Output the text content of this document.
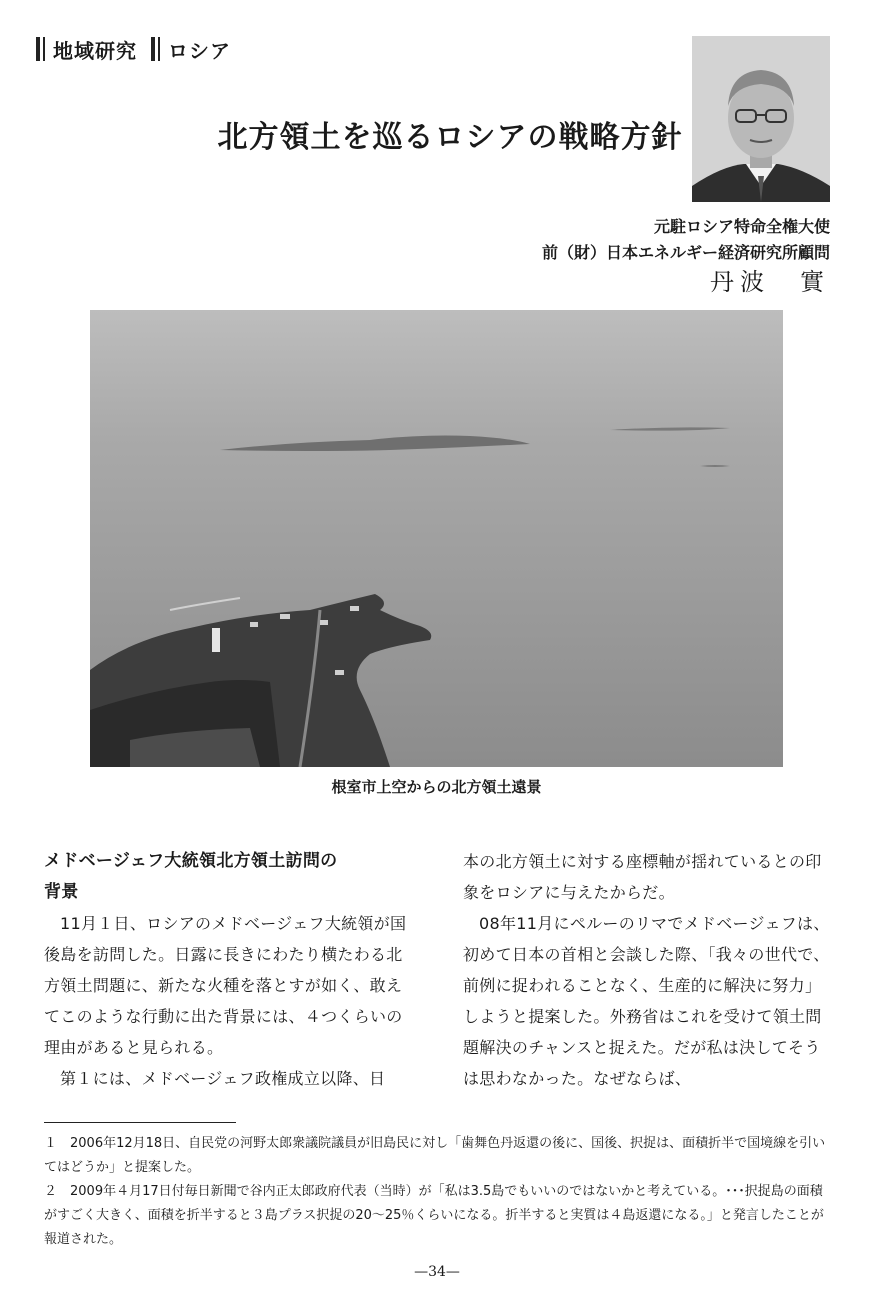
地域研究 ロシア
北方領土を巡るロシアの戦略方針
元駐ロシア特命全権大使
前（財）日本エネルギー経済研究所顧問
丹波　實
根室市上空からの北方領土遠景

メドベージェフ大統領北方領土訪問の
背景

11月１日、ロシアのメドベージェフ大統領が国後島を訪問した。日露に長きにわたり横たわる北方領土問題に、新たな火種を落とすが如く、敢えてこのような行動に出た背景には、４つくらいの理由があると見られる。

第１には、メドベージェフ政権成立以降、日

本の北方領土に対する座標軸が揺れているとの印象をロシアに与えたからだ。

08年11月にペルーのリマでメドベージェフは、初めて日本の首相と会談した際、「我々の世代で、前例に捉われることなく、生産的に解決に努力」しようと提案した。外務省はこれを受けて領土問題解決のチャンスと捉えた。だが私は決してそうは思わなかった。なぜならば、

１　2006年12月18日、自民党の河野太郎衆議院議員が旧島民に対し「歯舞色丹返還の後に、国後、択捉は、面積折半で国境線を引いてはどうか」と提案した。

２　2009年４月17日付毎日新聞で谷内正太郎政府代表（当時）が「私は3.5島でもいいのではないかと考えている。･･･択捉島の面積がすごく大きく、面積を折半すると３島プラス択捉の20～25％くらいになる。折半すると実質は４島返還になる。」と発言したことが報道された。

—34—
